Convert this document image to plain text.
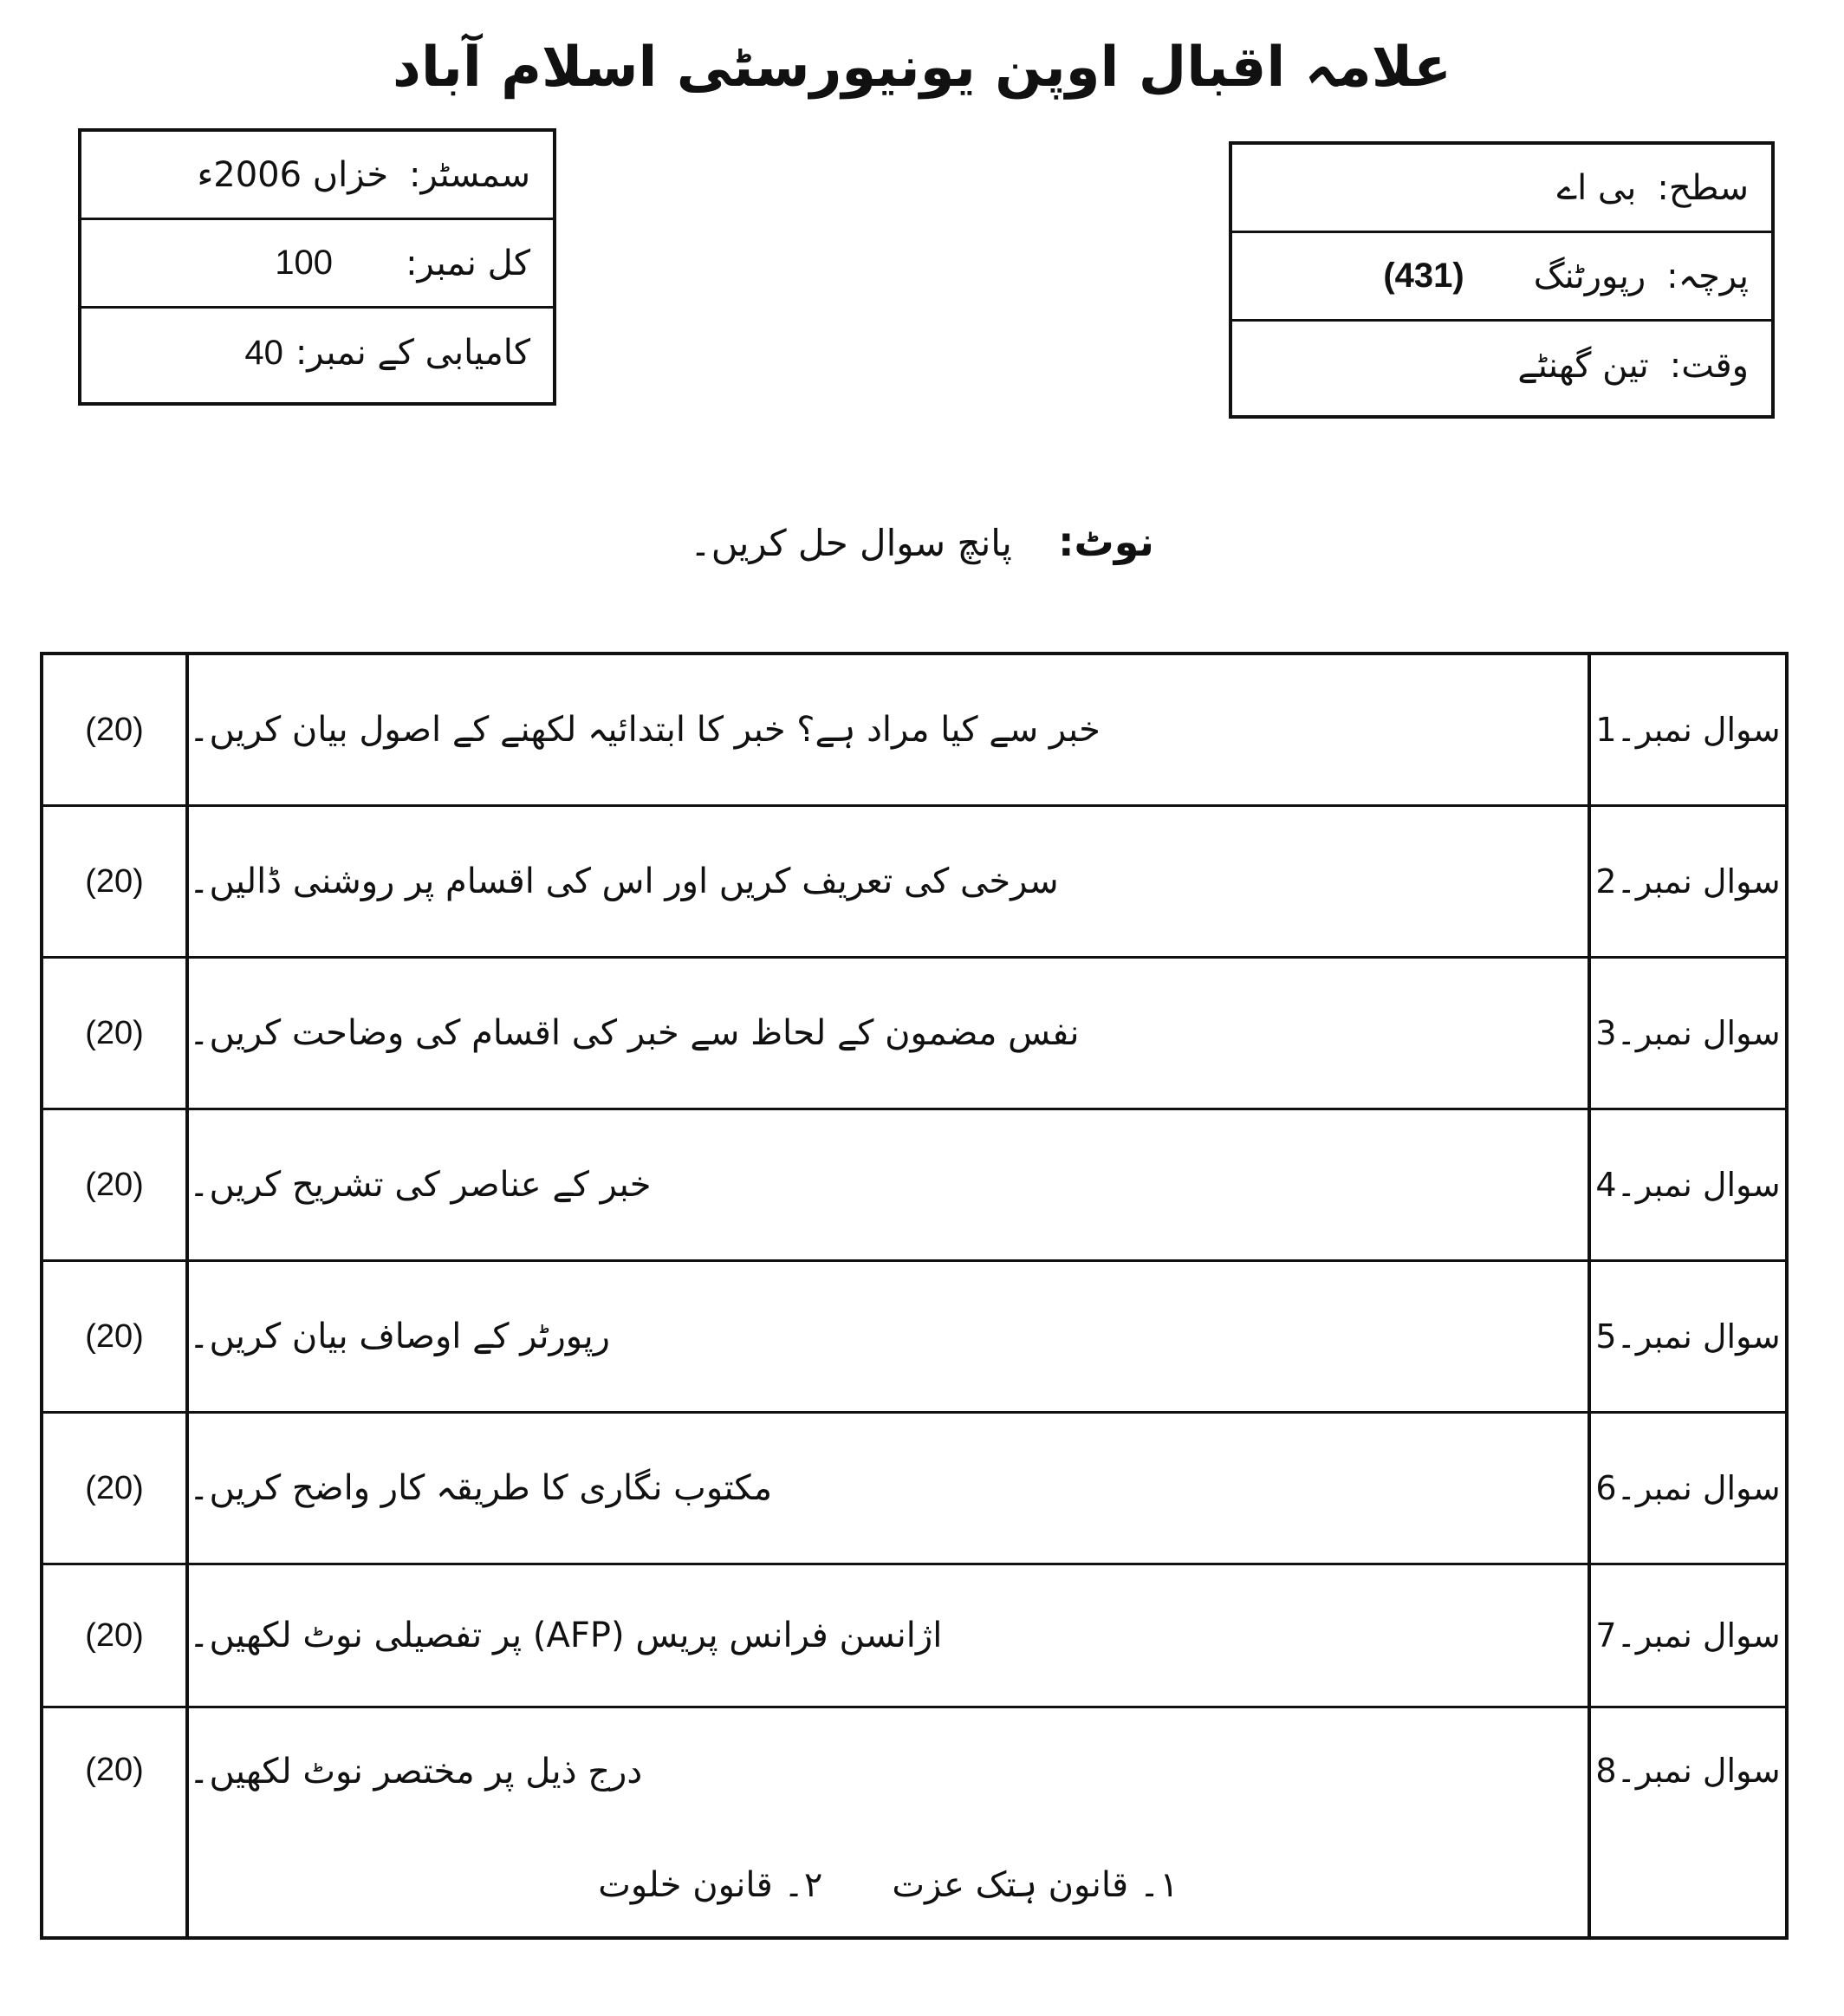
علامہ اقبال اوپن یونیورسٹی اسلام آباد
سمسٹر:
خزاں 2006ء
کل نمبر:
100
کامیابی کے نمبر:
40
سطح:
بی اے
پرچہ:
رپورٹنگ
(431)
وقت:
تین گھنٹے
نوٹ: پانچ سوال حل کریں۔
(20)	خبر سے کیا مراد ہے؟ خبر کا ابتدائیہ لکھنے کے اصول بیان کریں۔	سوال نمبر۔1
(20)	سرخی کی تعریف کریں اور اس کی اقسام پر روشنی ڈالیں۔	سوال نمبر۔2
(20)	نفس مضمون کے لحاظ سے خبر کی اقسام کی وضاحت کریں۔	سوال نمبر۔3
(20)	خبر کے عناصر کی تشریح کریں۔	سوال نمبر۔4
(20)	رپورٹر کے اوصاف بیان کریں۔	سوال نمبر۔5
(20)	مکتوب نگاری کا طریقہ کار واضح کریں۔	سوال نمبر۔6
(20)	اژانسن فرانس پریس (AFP) پر تفصیلی نوٹ لکھیں۔	سوال نمبر۔7
(20)	درج ذیل پر مختصر نوٹ لکھیں۔	سوال نمبر۔8
۱۔ قانون ہتک عزت
۲۔ قانون خلوت
